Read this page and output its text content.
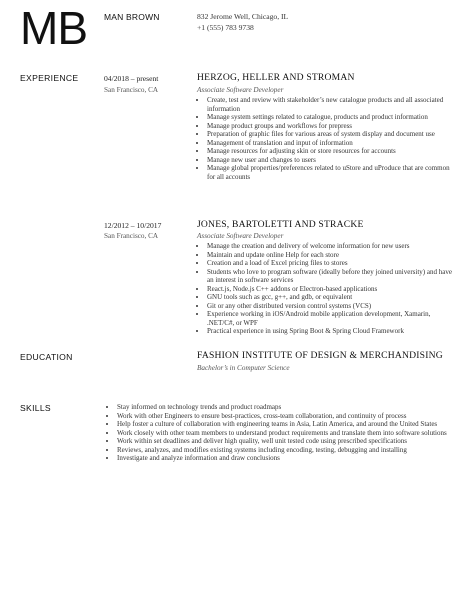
MB MAN BROWN	832 Jerome Well, Chicago, IL
+1 (555) 783 9738
EXPERIENCE	04/2018 – present
San Francisco, CA
HERZOG, HELLER AND STROMAN
Associate Software Developer
• Create, test and review with stakeholder’s new catalogue products and all associated information
• Manage system settings related to catalogue, products and product information
• Manage product groups and workflows for prepress
• Preparation of graphic files for various areas of system display and document use
• Management of translation and input of information
• Manage resources for adjusting skin or store resources for accounts
• Manage new user and changes to users
• Manage global properties/preferences related to uStore and uProduce that are common for all accounts
12/2012 – 10/2017
San Francisco, CA
JONES, BARTOLETTI AND STRACKE
Associate Software Developer
• Manage the creation and delivery of welcome information for new users
• Maintain and update online Help for each store
• Creation and a load of Excel pricing files to stores
• Students who love to program software (ideally before they joined university) and have an interest in software services
• React.js, Node.js C++ addons or Electron-based applications
• GNU tools such as gcc, g++, and gdb, or equivalent
• Git or any other distributed version control systems (VCS)
• Experience working in iOS/Android mobile application development, Xamarin, .NET/C#, or WPF
• Practical experience in using Spring Boot & Spring Cloud Framework
EDUCATION	FASHION INSTITUTE OF DESIGN & MERCHANDISING
Bachelor’s in Computer Science
SKILLS
•	Stay informed on technology trends and product roadmaps
• Work with other Engineers to ensure best-practices, cross-team collaboration, and continuity of process
• Help foster a culture of collaboration with engineering teams in Asia, Latin America, and around the United States
• Work closely with other team members to understand product requirements and translate them into software solutions
• Work within set deadlines and deliver high quality, well unit tested code using prescribed specifications
• Reviews, analyzes, and modifies existing systems including encoding, testing, debugging and installing
• Investigate and analyze information and draw conclusions
